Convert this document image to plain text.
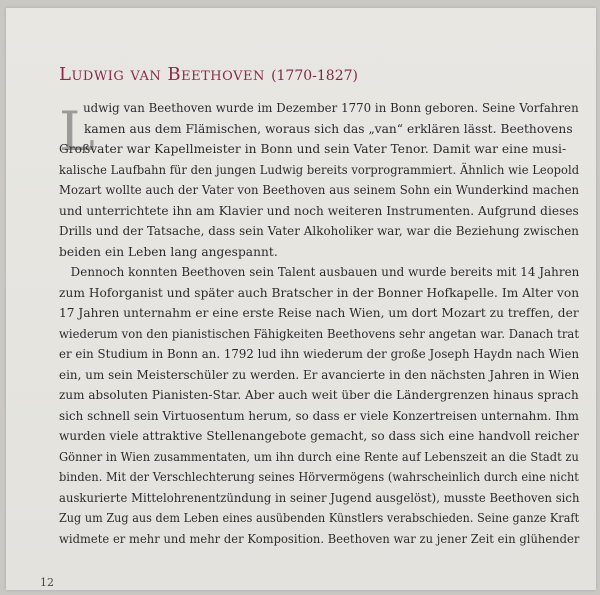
Ludwig van Beethoven (1770-1827)
L
udwig van Beethoven wurde im Dezember 1770 in Bonn geboren. Seine Vorfahren
kamen aus dem Flämischen, woraus sich das „van“ erklären lässt. Beethovens
Großvater war Kapellmeister in Bonn und sein Vater Tenor. Damit war eine musi-
kalische Laufbahn für den jungen Ludwig bereits vorprogrammiert. Ähnlich wie Leopold
Mozart wollte auch der Vater von Beethoven aus seinem Sohn ein Wunderkind machen
und unterrichtete ihn am Klavier und noch weiteren Instrumenten. Aufgrund dieses
Drills und der Tatsache, dass sein Vater Alkoholiker war, war die Beziehung zwischen
beiden ein Leben lang angespannt.
Dennoch konnten Beethoven sein Talent ausbauen und wurde bereits mit 14 Jahren
zum Hoforganist und später auch Bratscher in der Bonner Hofkapelle. Im Alter von
17 Jahren unternahm er eine erste Reise nach Wien, um dort Mozart zu treffen, der
wiederum von den pianistischen Fähigkeiten Beethovens sehr angetan war. Danach trat
er ein Studium in Bonn an. 1792 lud ihn wiederum der große Joseph Haydn nach Wien
ein, um sein Meisterschüler zu werden. Er avancierte in den nächsten Jahren in Wien
zum absoluten Pianisten-Star. Aber auch weit über die Ländergrenzen hinaus sprach
sich schnell sein Virtuosentum herum, so dass er viele Konzertreisen unternahm. Ihm
wurden viele attraktive Stellenangebote gemacht, so dass sich eine handvoll reicher
Gönner in Wien zusammentaten, um ihn durch eine Rente auf Lebenszeit an die Stadt zu
binden. Mit der Verschlechterung seines Hörvermögens (wahrscheinlich durch eine nicht
auskurierte Mittelohrenentzündung in seiner Jugend ausgelöst), musste Beethoven sich
Zug um Zug aus dem Leben eines ausübenden Künstlers verabschieden. Seine ganze Kraft
widmete er mehr und mehr der Komposition. Beethoven war zu jener Zeit ein glühender
12
